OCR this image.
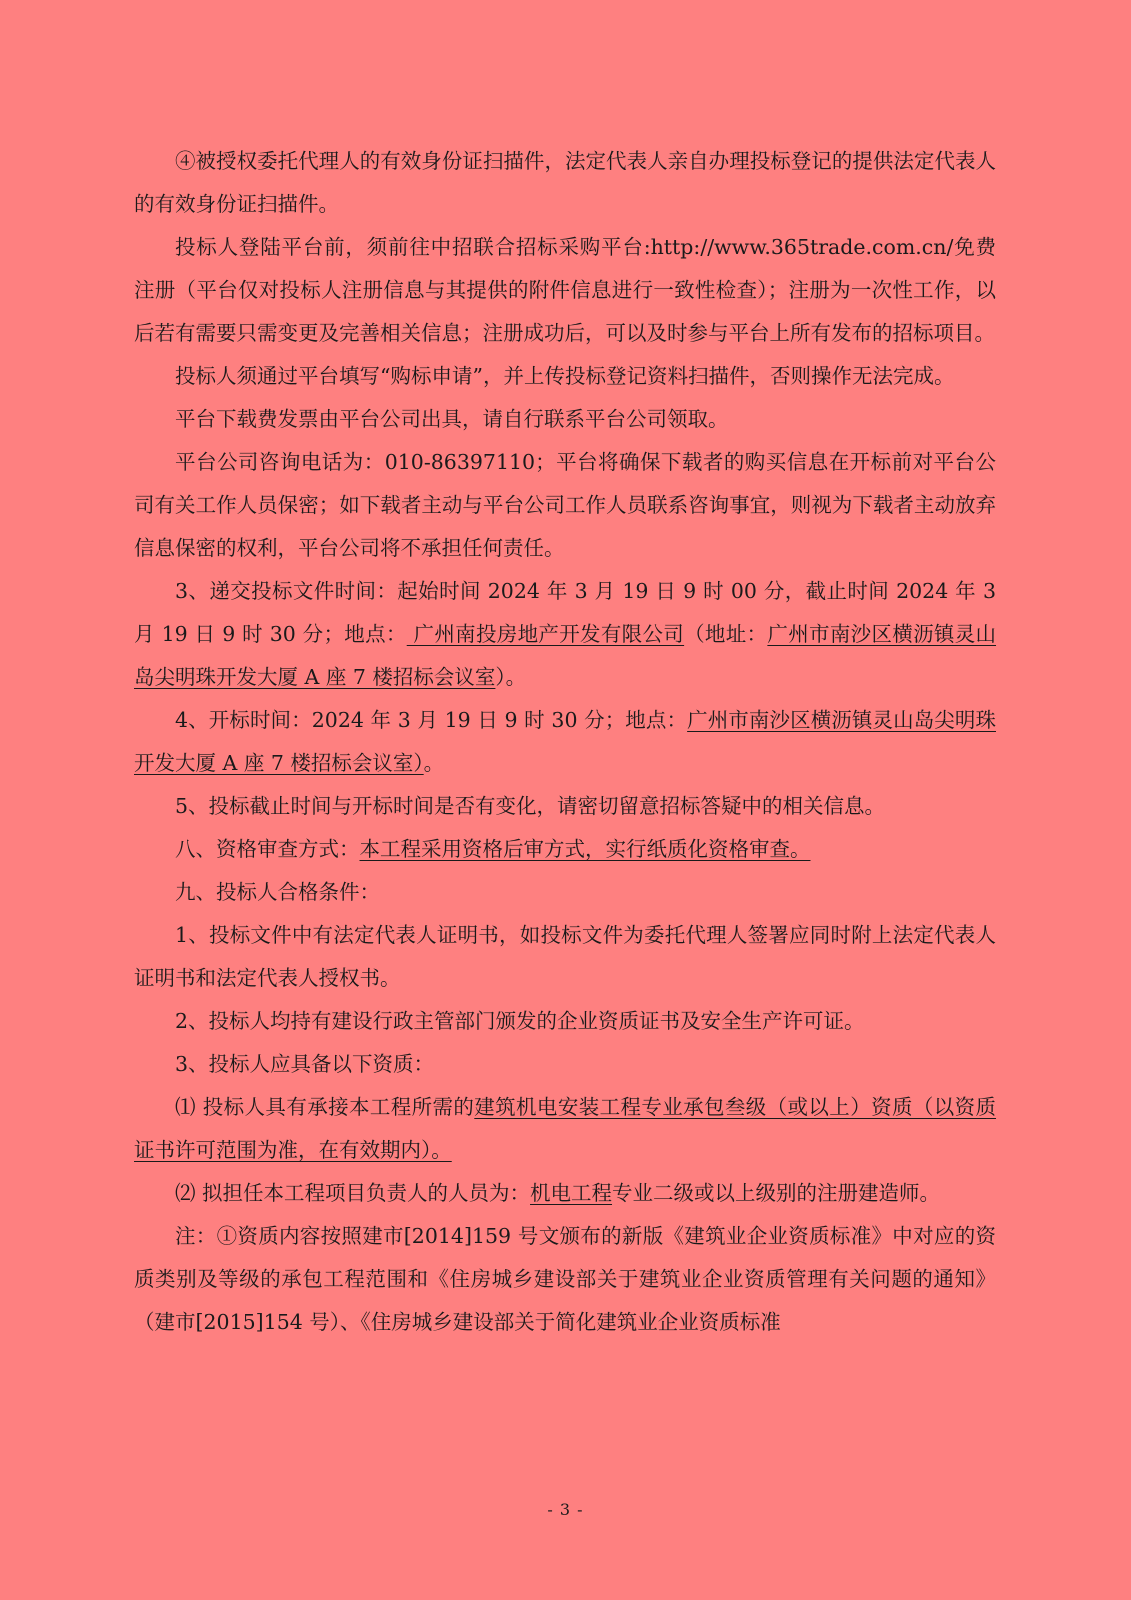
④被授权委托代理人的有效身份证扫描件，法定代表人亲自办理投标登记的提供法定代表人的有效身份证扫描件。

投标人登陆平台前，须前往中招联合招标采购平台:http://www.365trade.com.cn/免费注册（平台仅对投标人注册信息与其提供的附件信息进行一致性检查）；注册为一次性工作，以后若有需要只需变更及完善相关信息；注册成功后，可以及时参与平台上所有发布的招标项目。

投标人须通过平台填写“购标申请”，并上传投标登记资料扫描件，否则操作无法完成。

平台下载费发票由平台公司出具，请自行联系平台公司领取。

平台公司咨询电话为：010-86397110；平台将确保下载者的购买信息在开标前对平台公司有关工作人员保密；如下载者主动与平台公司工作人员联系咨询事宜，则视为下载者主动放弃信息保密的权利，平台公司将不承担任何责任。

3、递交投标文件时间：起始时间 2024 年 3 月 19 日 9 时 00 分，截止时间 2024 年 3 月 19 日 9 时 30 分；地点： 广州南投房地产开发有限公司（地址：广州市南沙区横沥镇灵山岛尖明珠开发大厦 A 座 7 楼招标会议室）。

4、开标时间：2024 年 3 月 19 日 9 时 30 分；地点：广州市南沙区横沥镇灵山岛尖明珠开发大厦 A 座 7 楼招标会议室）。

5、投标截止时间与开标时间是否有变化，请密切留意招标答疑中的相关信息。

八、资格审查方式：本工程采用资格后审方式，实行纸质化资格审查。

九、投标人合格条件：

1、投标文件中有法定代表人证明书，如投标文件为委托代理人签署应同时附上法定代表人证明书和法定代表人授权书。

2、投标人均持有建设行政主管部门颁发的企业资质证书及安全生产许可证。

3、投标人应具备以下资质：

⑴ 投标人具有承接本工程所需的建筑机电安装工程专业承包叁级（或以上）资质（以资质证书许可范围为准，在有效期内）。

⑵ 拟担任本工程项目负责人的人员为：机电工程专业二级或以上级别的注册建造师。

注：①资质内容按照建市[2014]159 号文颁布的新版《建筑业企业资质标准》中对应的资质类别及等级的承包工程范围和《住房城乡建设部关于建筑业企业资质管理有关问题的通知》（建市[2015]154 号）、《住房城乡建设部关于简化建筑业企业资质标准

- 3 -
